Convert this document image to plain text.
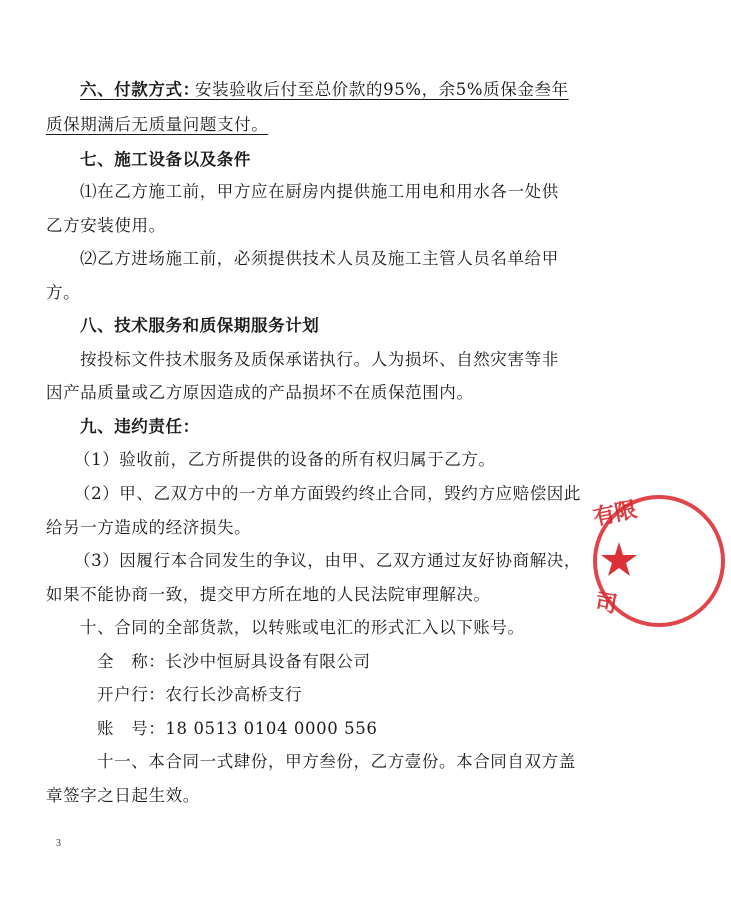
六、付款方式：
安装验收后付至总价款的95%，余5%质保金叁年
质保期满后无质量问题支付。
七、施工设备以及条件
⑴在乙方施工前，甲方应在厨房内提供施工用电和用水各一处供
乙方安装使用。
⑵乙方进场施工前，必须提供技术人员及施工主管人员名单给甲
方。
八、技术服务和质保期服务计划
按投标文件技术服务及质保承诺执行。人为损坏、自然灾害等非
因产品质量或乙方原因造成的产品损坏不在质保范围内。
九、违约责任：
（1）验收前，乙方所提供的设备的所有权归属于乙方。
（2）甲、乙双方中的一方单方面毁约终止合同，毁约方应赔偿因此
给另一方造成的经济损失。
（3）因履行本合同发生的争议，由甲、乙双方通过友好协商解决，
如果不能协商一致，提交甲方所在地的人民法院审理解决。
十、合同的全部货款，以转账或电汇的形式汇入以下账号。
全　称：长沙中恒厨具设备有限公司
开户行：农行长沙高桥支行
账　号：18 0513 0104 0000 556
十一、本合同一式肆份，甲方叁份，乙方壹份。本合同自双方盖
章签字之日起生效。
3
有限
司
